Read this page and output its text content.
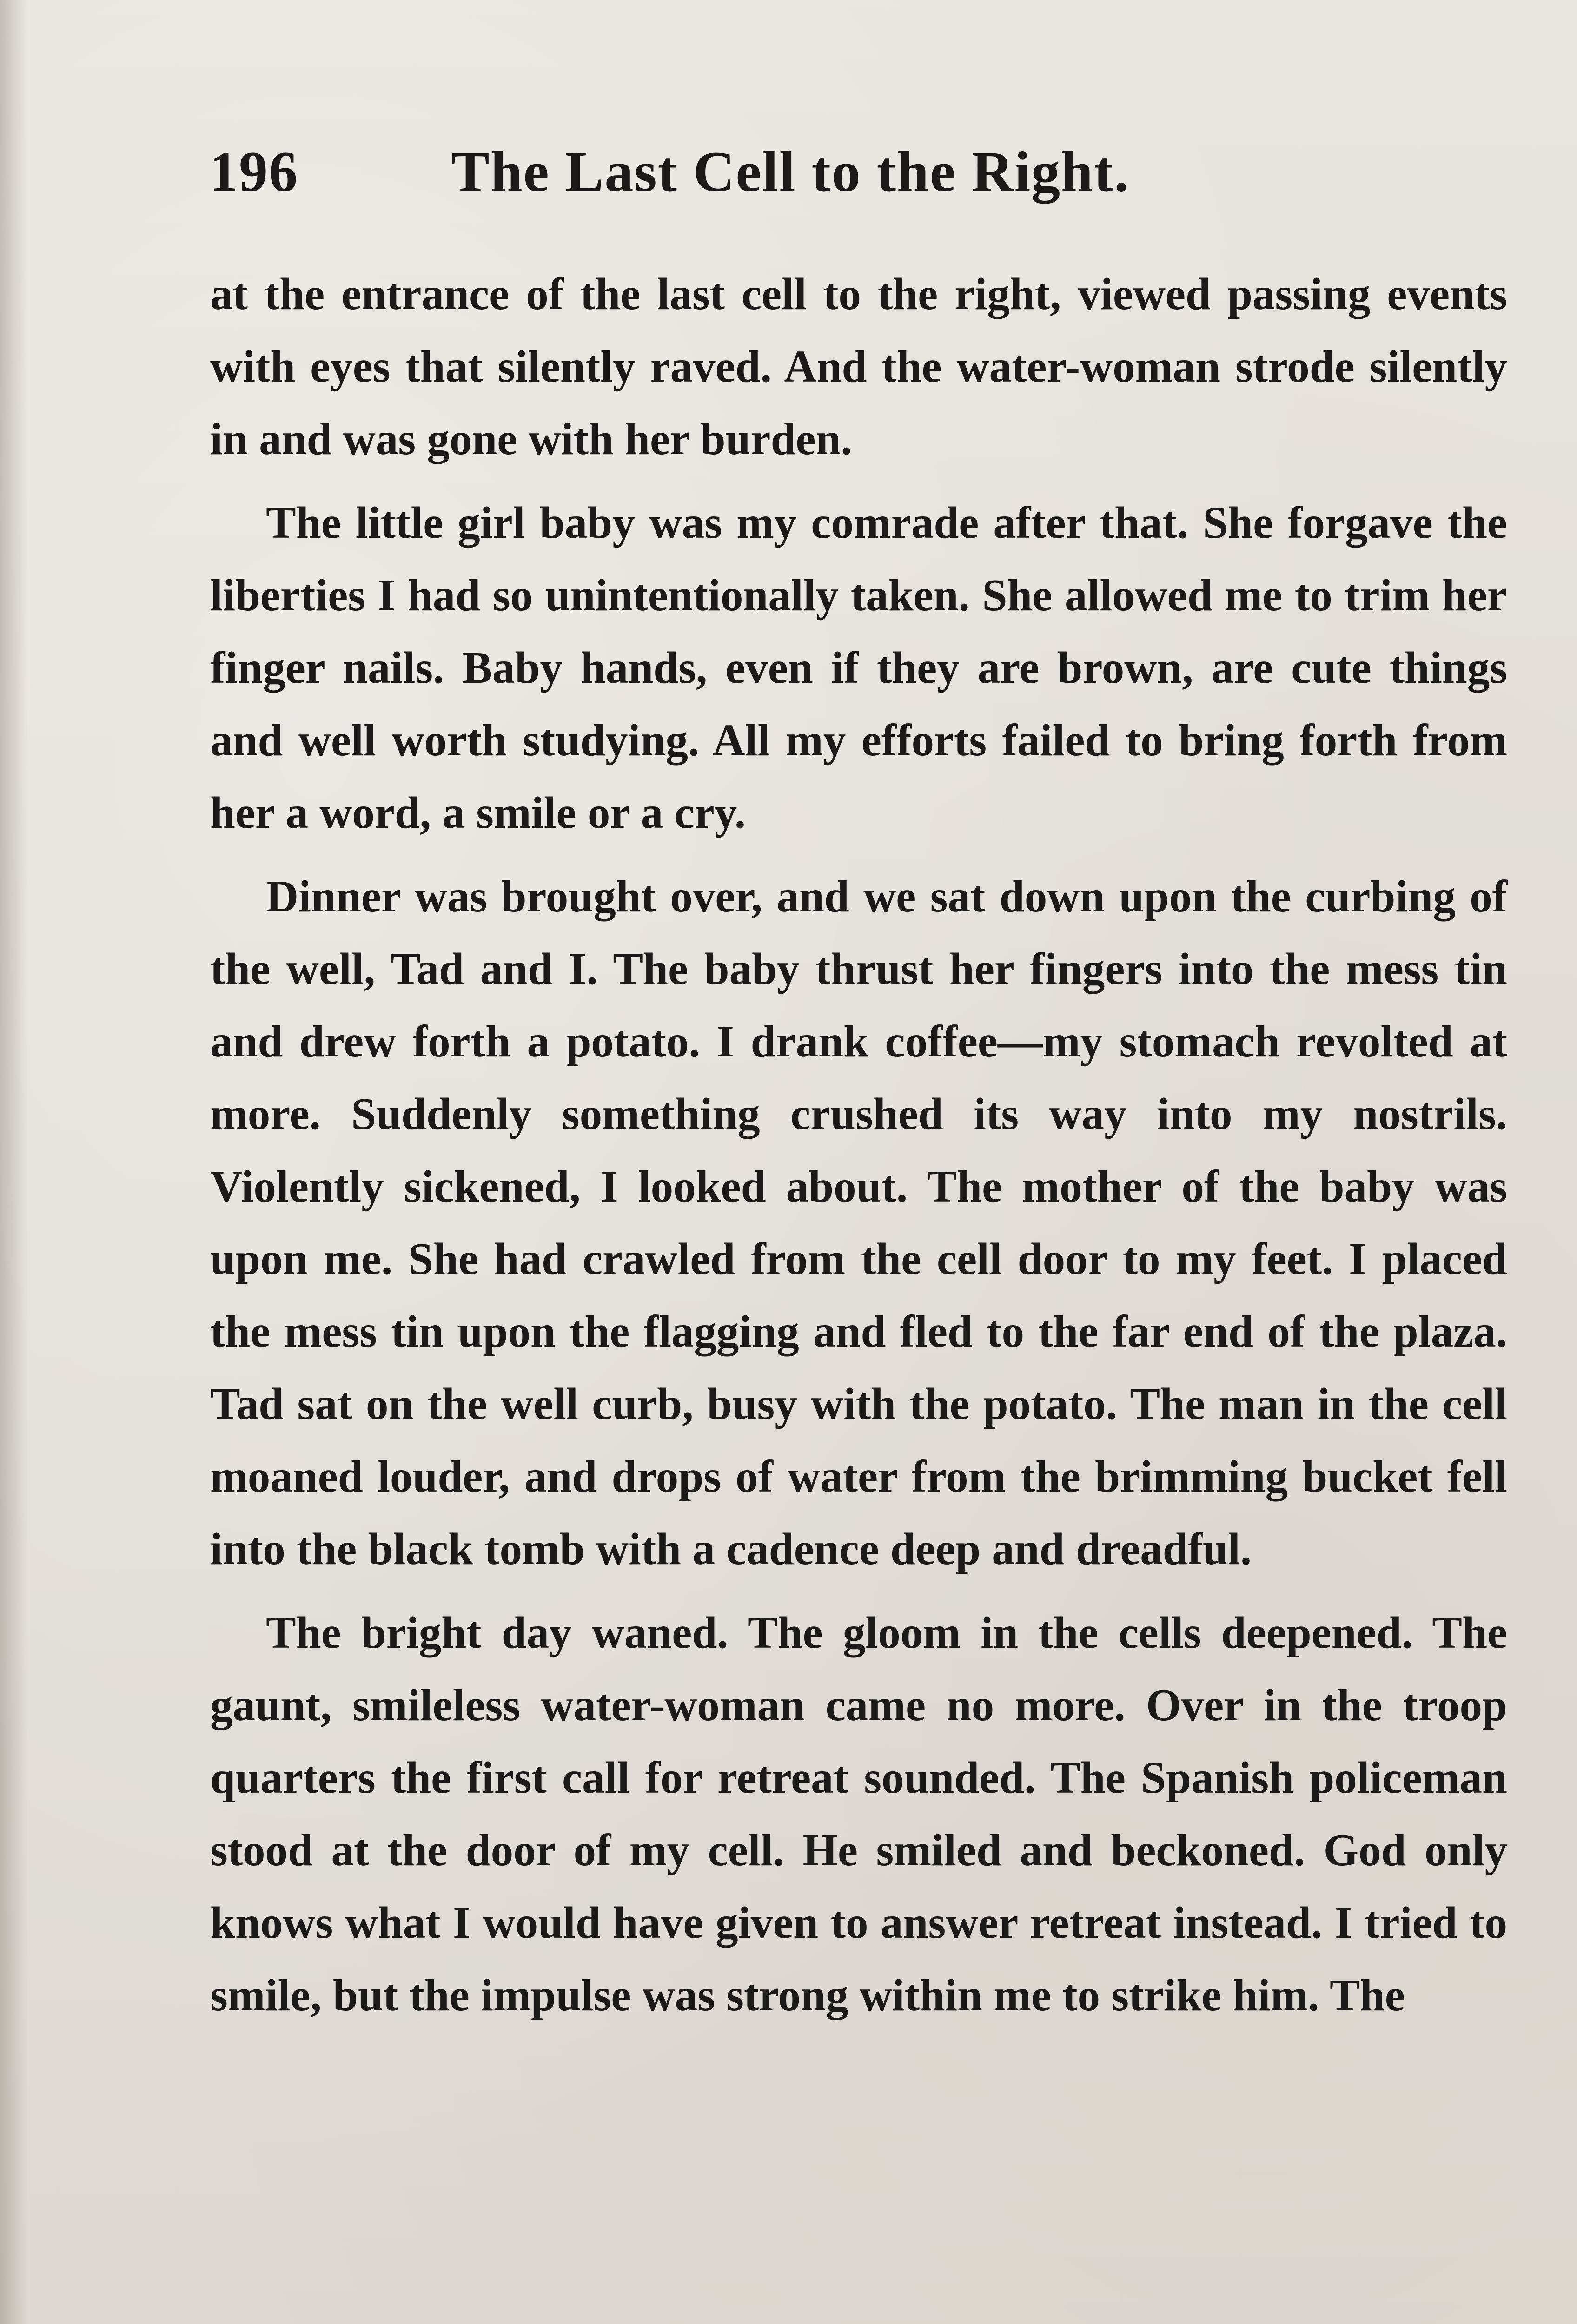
196	The Last Cell to the Right.

at the entrance of the last cell to the right, viewed passing events with eyes that silently raved. And the water-woman strode silently in and was gone with her burden.

The little girl baby was my comrade after that. She forgave the liberties I had so unintentionally taken. She allowed me to trim her finger nails. Baby hands, even if they are brown, are cute things and well worth studying. All my efforts failed to bring forth from her a word, a smile or a cry.

Dinner was brought over, and we sat down upon the curbing of the well, Tad and I. The baby thrust her fingers into the mess tin and drew forth a potato. I drank coffee—my stomach revolted at more. Suddenly something crushed its way into my nostrils. Violently sickened, I looked about. The mother of the baby was upon me. She had crawled from the cell door to my feet. I placed the mess tin upon the flagging and fled to the far end of the plaza. Tad sat on the well curb, busy with the potato. The man in the cell moaned louder, and drops of water from the brimming bucket fell into the black tomb with a cadence deep and dreadful.

The bright day waned. The gloom in the cells deepened. The gaunt, smileless water-woman came no more. Over in the troop quarters the first call for retreat sounded. The Spanish policeman stood at the door of my cell. He smiled and beckoned. God only knows what I would have given to answer retreat instead. I tried to smile, but the impulse was strong within me to strike him. The
